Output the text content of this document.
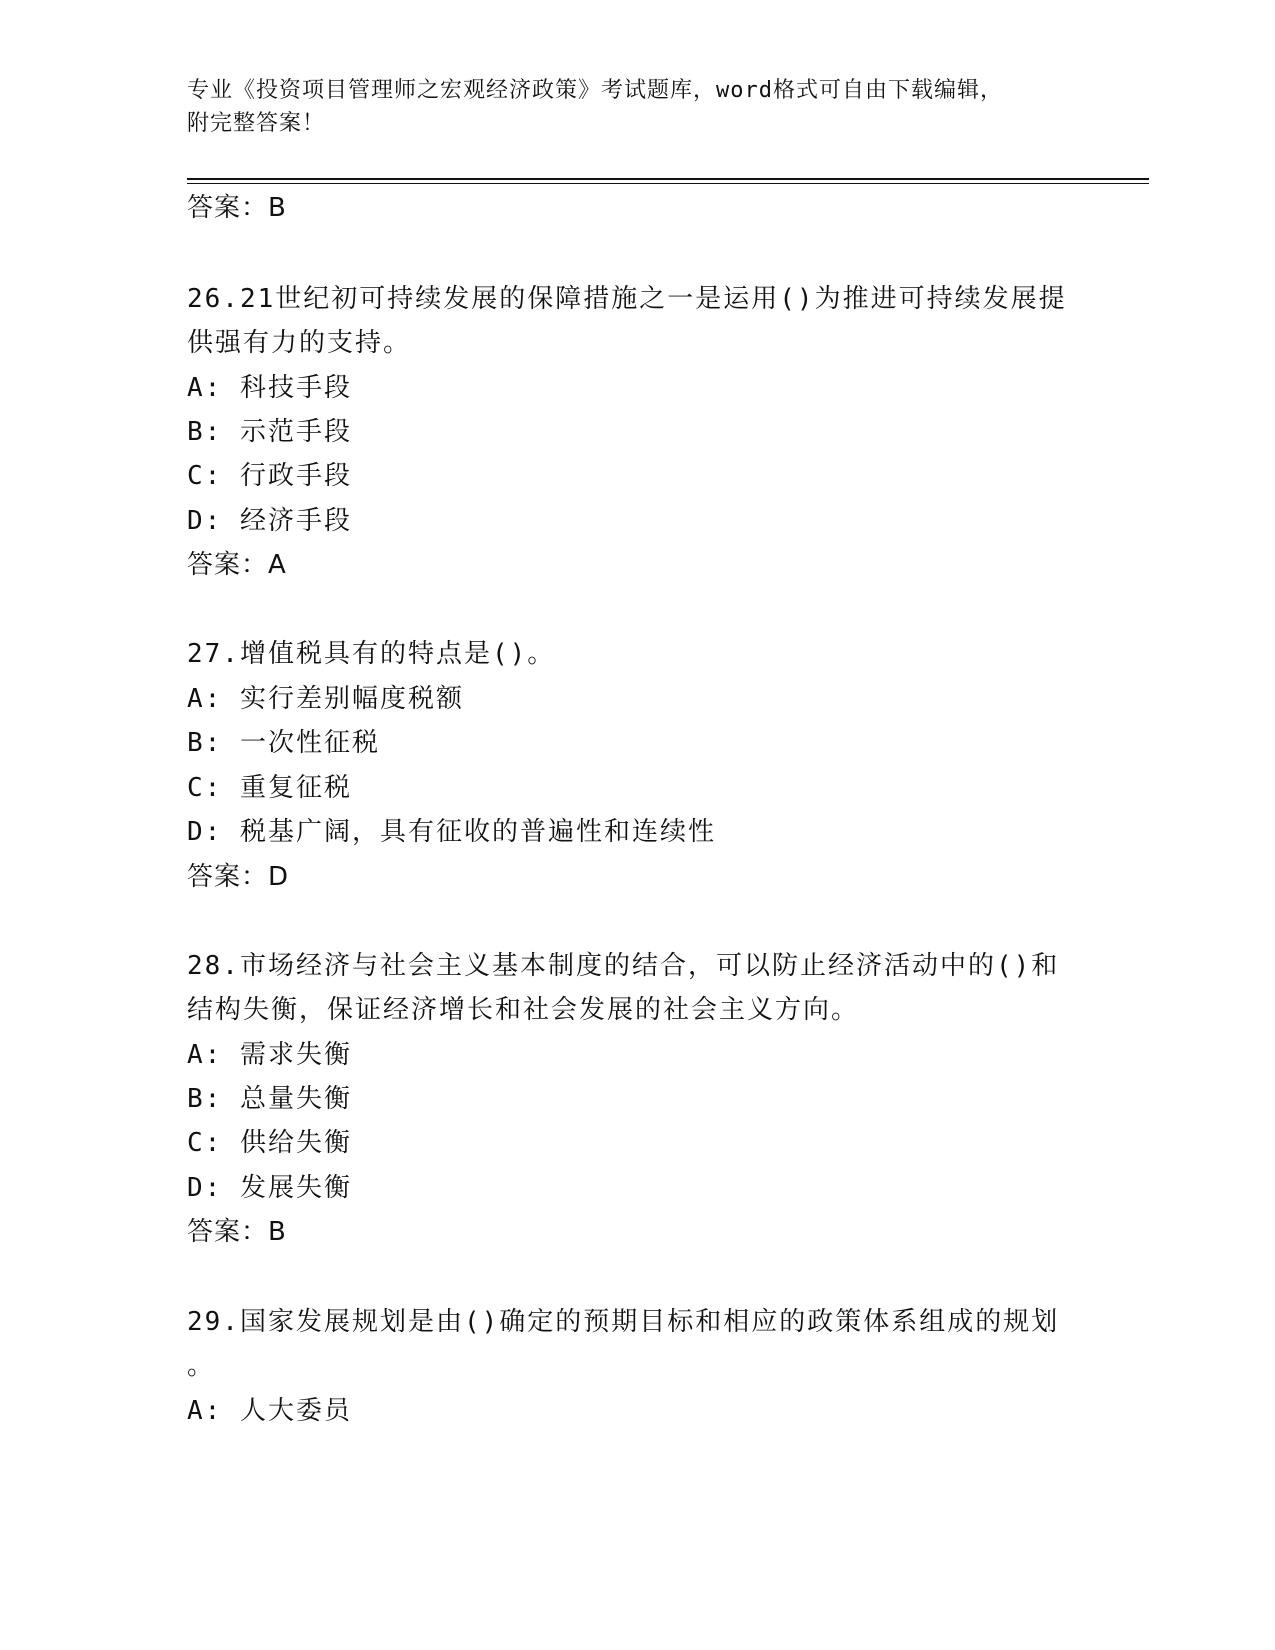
专业《投资项目管理师之宏观经济政策》考试题库，word格式可自由下载编辑，
附完整答案！
答案：B
26.21世纪初可持续发展的保障措施之一是运用()为推进可持续发展提
供强有力的支持。
A: 科技手段
B: 示范手段
C: 行政手段
D: 经济手段
答案：A
27.增值税具有的特点是()。
A: 实行差别幅度税额
B: 一次性征税
C: 重复征税
D: 税基广阔，具有征收的普遍性和连续性
答案：D
28.市场经济与社会主义基本制度的结合，可以防止经济活动中的()和
结构失衡，保证经济增长和社会发展的社会主义方向。
A: 需求失衡
B: 总量失衡
C: 供给失衡
D: 发展失衡
答案：B
29.国家发展规划是由()确定的预期目标和相应的政策体系组成的规划
。
A: 人大委员
